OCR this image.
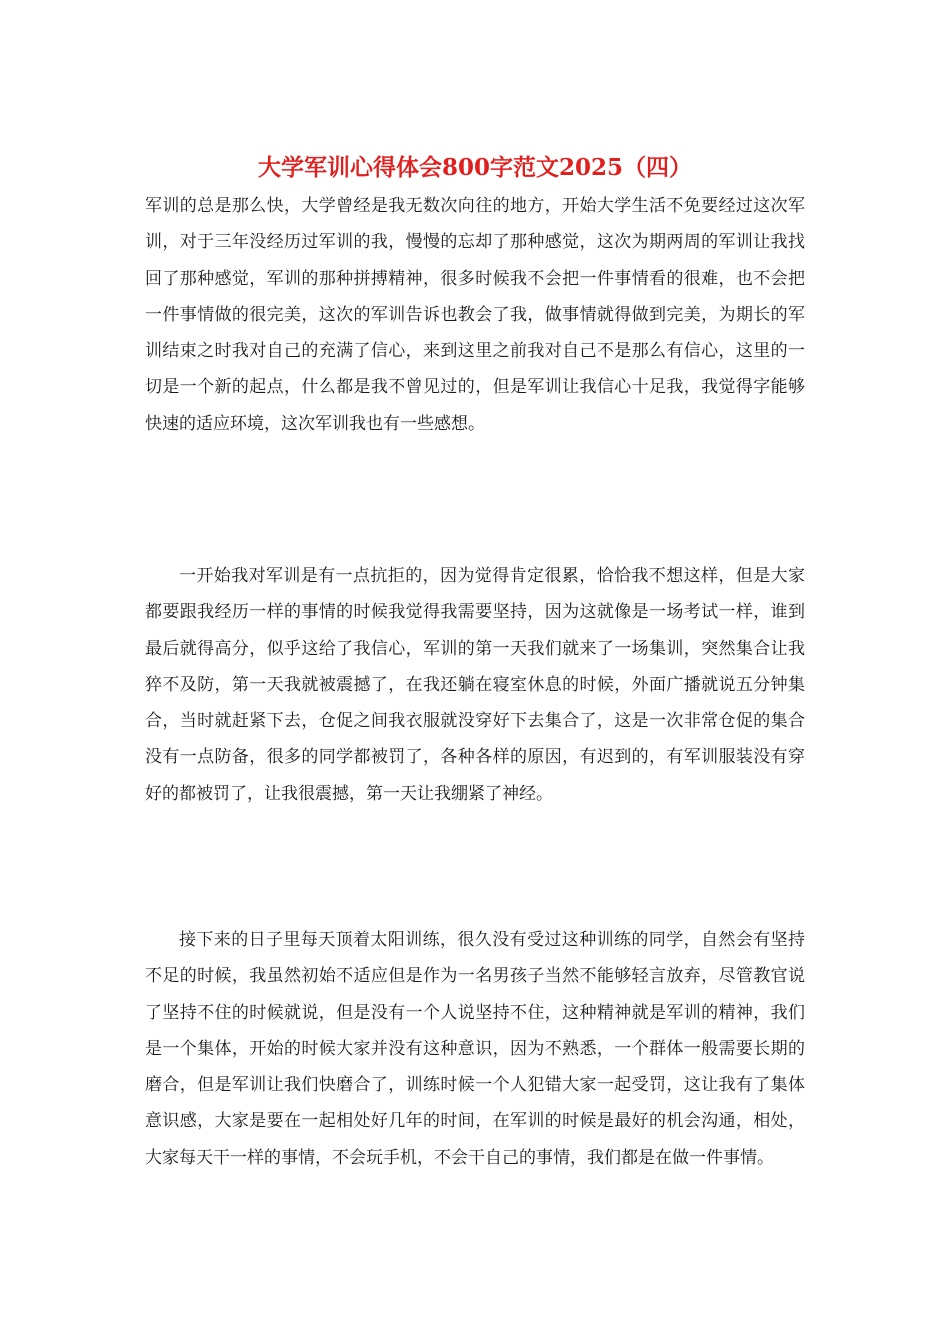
大学军训心得体会800字范文2025（四）

军训的总是那么快，大学曾经是我无数次向往的地方，开始大学生活不免要经过这次军训，对于三年没经历过军训的我，慢慢的忘却了那种感觉，这次为期两周的军训让我找回了那种感觉，军训的那种拼搏精神，很多时候我不会把一件事情看的很难，也不会把一件事情做的很完美，这次的军训告诉也教会了我，做事情就得做到完美，为期长的军训结束之时我对自己的充满了信心，来到这里之前我对自己不是那么有信心，这里的一切是一个新的起点，什么都是我不曾见过的，但是军训让我信心十足我，我觉得字能够快速的适应环境，这次军训我也有一些感想。

一开始我对军训是有一点抗拒的，因为觉得肯定很累，恰恰我不想这样，但是大家都要跟我经历一样的事情的时候我觉得我需要坚持，因为这就像是一场考试一样，谁到最后就得高分，似乎这给了我信心，军训的第一天我们就来了一场集训，突然集合让我猝不及防，第一天我就被震撼了，在我还躺在寝室休息的时候，外面广播就说五分钟集合，当时就赶紧下去，仓促之间我衣服就没穿好下去集合了，这是一次非常仓促的集合没有一点防备，很多的同学都被罚了，各种各样的原因，有迟到的，有军训服装没有穿好的都被罚了，让我很震撼，第一天让我绷紧了神经。

接下来的日子里每天顶着太阳训练，很久没有受过这种训练的同学，自然会有坚持不足的时候，我虽然初始不适应但是作为一名男孩子当然不能够轻言放弃，尽管教官说了坚持不住的时候就说，但是没有一个人说坚持不住，这种精神就是军训的精神，我们是一个集体，开始的时候大家并没有这种意识，因为不熟悉，一个群体一般需要长期的磨合，但是军训让我们快磨合了，训练时候一个人犯错大家一起受罚，这让我有了集体意识感，大家是要在一起相处好几年的时间，在军训的时候是最好的机会沟通，相处，大家每天干一样的事情，不会玩手机，不会干自己的事情，我们都是在做一件事情。
